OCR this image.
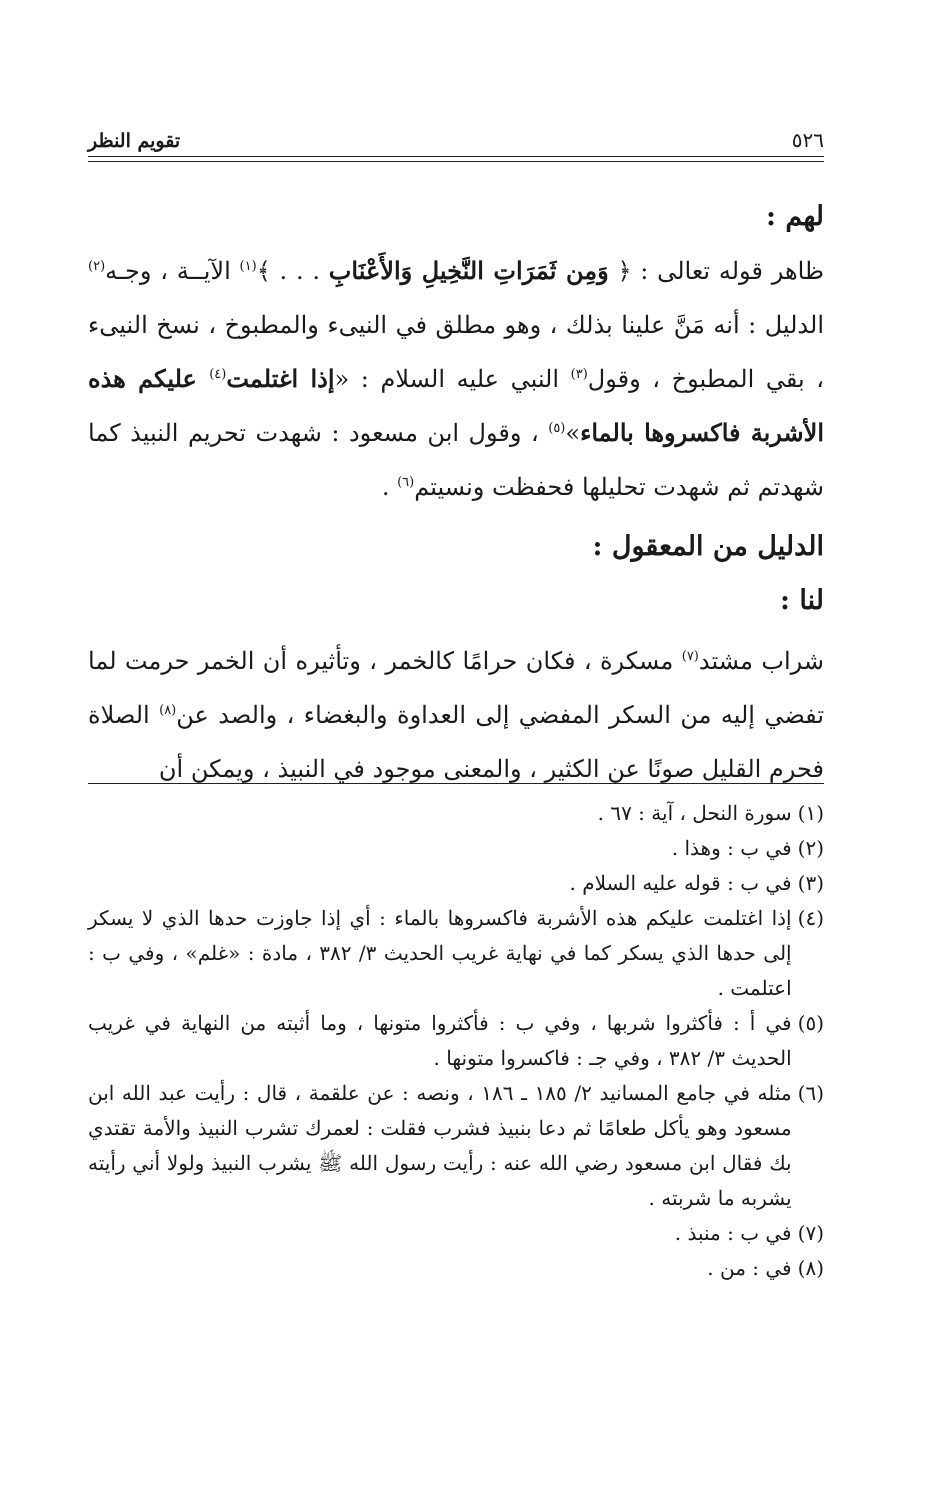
تقويم النظر	٥٢٦

لهم :

ظاهر قوله تعالى : ﴿ وَمِن ثَمَرَاتِ النَّخِيلِ وَالأَعْنَابِ . . . ﴾$^{(١)}$ الآيــة ، وجـه$^{(٢)}$ الدليل : أنه مَنَّ علينا بذلك ، وهو مطلق في النيىء والمطبوخ ، نسخ النيىء ، بقي المطبوخ ، وقول$^{(٣)}$ النبي عليه السلام : «إذا اغتلمت$^{(٤)}$ عليكم هذه الأشربة فاكسروها بالماء»$^{(٥)}$ ، وقول ابن مسعود : شهدت تحريم النبيذ كما شهدتم ثم شهدت تحليلها فحفظت ونسيتم$^{(٦)}$ .

الدليل من المعقول :

لنا :

شراب مشتد$^{(٧)}$ مسكرة ، فكان حرامًا كالخمر ، وتأثيره أن الخمر حرمت لما تفضي إليه من السكر المفضي إلى العداوة والبغضاء ، والصد عن$^{(٨)}$ الصلاة فحرم القليل صونًا عن الكثير ، والمعنى موجود في النبيذ ، ويمكن أن

(١)
سورة النحل ، آية : ٦٧ .
(٢)
في ب : وهذا .
(٣)
في ب : قوله عليه السلام .
(٤)
إذا اغتلمت عليكم هذه الأشربة فاكسروها بالماء : أي إذا جاوزت حدها الذي لا يسكر إلى حدها الذي يسكر كما في نهاية غريب الحديث ٣/ ٣٨٢ ، مادة : «غلم» ، وفي ب : اعتلمت .
(٥)
في أ : فأكثروا شربها ، وفي ب : فأكثروا متونها ، وما أثبته من النهاية في غريب الحديث ٣/ ٣٨٢ ، وفي جـ : فاكسروا متونها .
(٦)
مثله في جامع المسانيد ٢/ ١٨٥ ـ ١٨٦ ، ونصه : عن علقمة ، قال : رأيت عبد الله ابن مسعود وهو يأكل طعامًا ثم دعا بنبيذ فشرب فقلت : لعمرك تشرب النبيذ والأمة تقتدي بك فقال ابن مسعود رضي الله عنه : رأيت رسول الله ﷺ يشرب النبيذ ولولا أني رأيته يشربه ما شربته .
(٧)
في ب : منبذ .
(٨)
في : من .
